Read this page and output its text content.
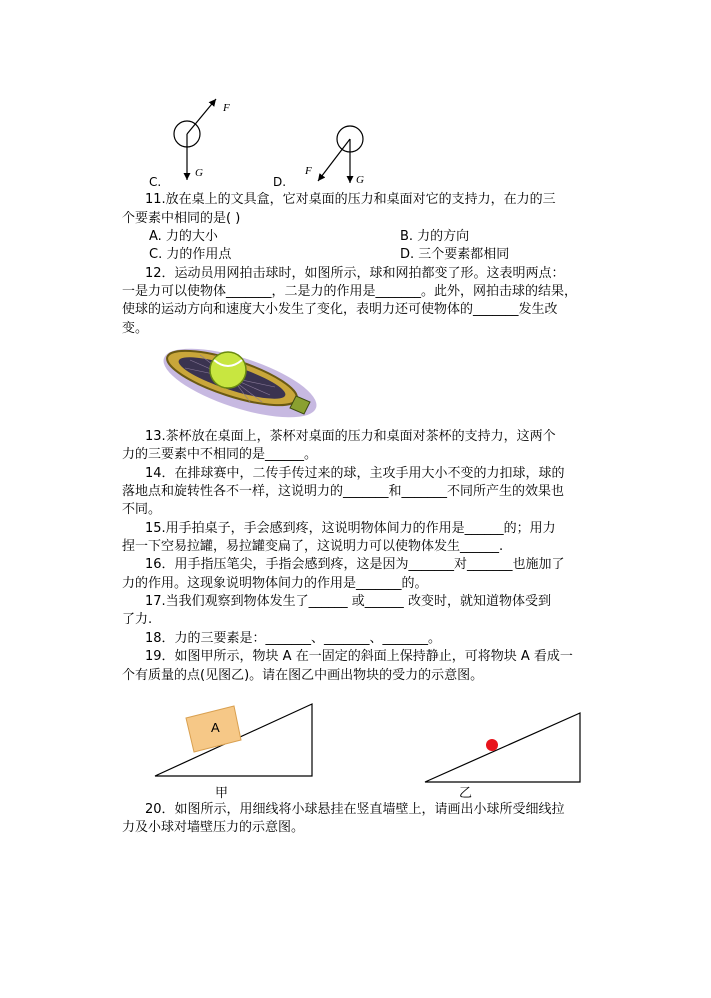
F
G	F
G
C.	D.
11.放在桌上的文具盒，它对桌面的压力和桌面对它的支持力，在力的三
个要素中相同的是( )
A. 力的大小	B. 力的方向
C. 力的作用点	D. 三个要素都相同
12．运动员用网拍击球时，如图所示，球和网拍都变了形。这表明两点：
一是力可以使物体_______，二是力的作用是_______。此外，网拍击球的结果，
使球的运动方向和速度大小发生了变化，表明力还可使物体的_______发生改
变。
13.茶杯放在桌面上，茶杯对桌面的压力和桌面对茶杯的支持力，这两个
力的三要素中不相同的是______。
14．在排球赛中，二传手传过来的球，主攻手用大小不变的力扣球，球的
落地点和旋转性各不一样，这说明力的_______和_______不同所产生的效果也
不同。
15.用手拍桌子，手会感到疼，这说明物体间力的作用是______的；用力
捏一下空易拉罐，易拉罐变扁了，这说明力可以使物体发生______.
16．用手指压笔尖，手指会感到疼，这是因为_______对_______也施加了
力的作用。这现象说明物体间力的作用是_______的。
17.当我们观察到物体发生了______ 或______ 改变时，就知道物体受到
了力.
18．力的三要素是：_______、_______、_______。
19．如图甲所示，物块 A 在一固定的斜面上保持静止，可将物块 A 看成一
个有质量的点(见图乙)。请在图乙中画出物块的受力的示意图。
A
甲	乙
20．如图所示，用细线将小球悬挂在竖直墙壁上，请画出小球所受细线拉
力及小球对墙壁压力的示意图。
